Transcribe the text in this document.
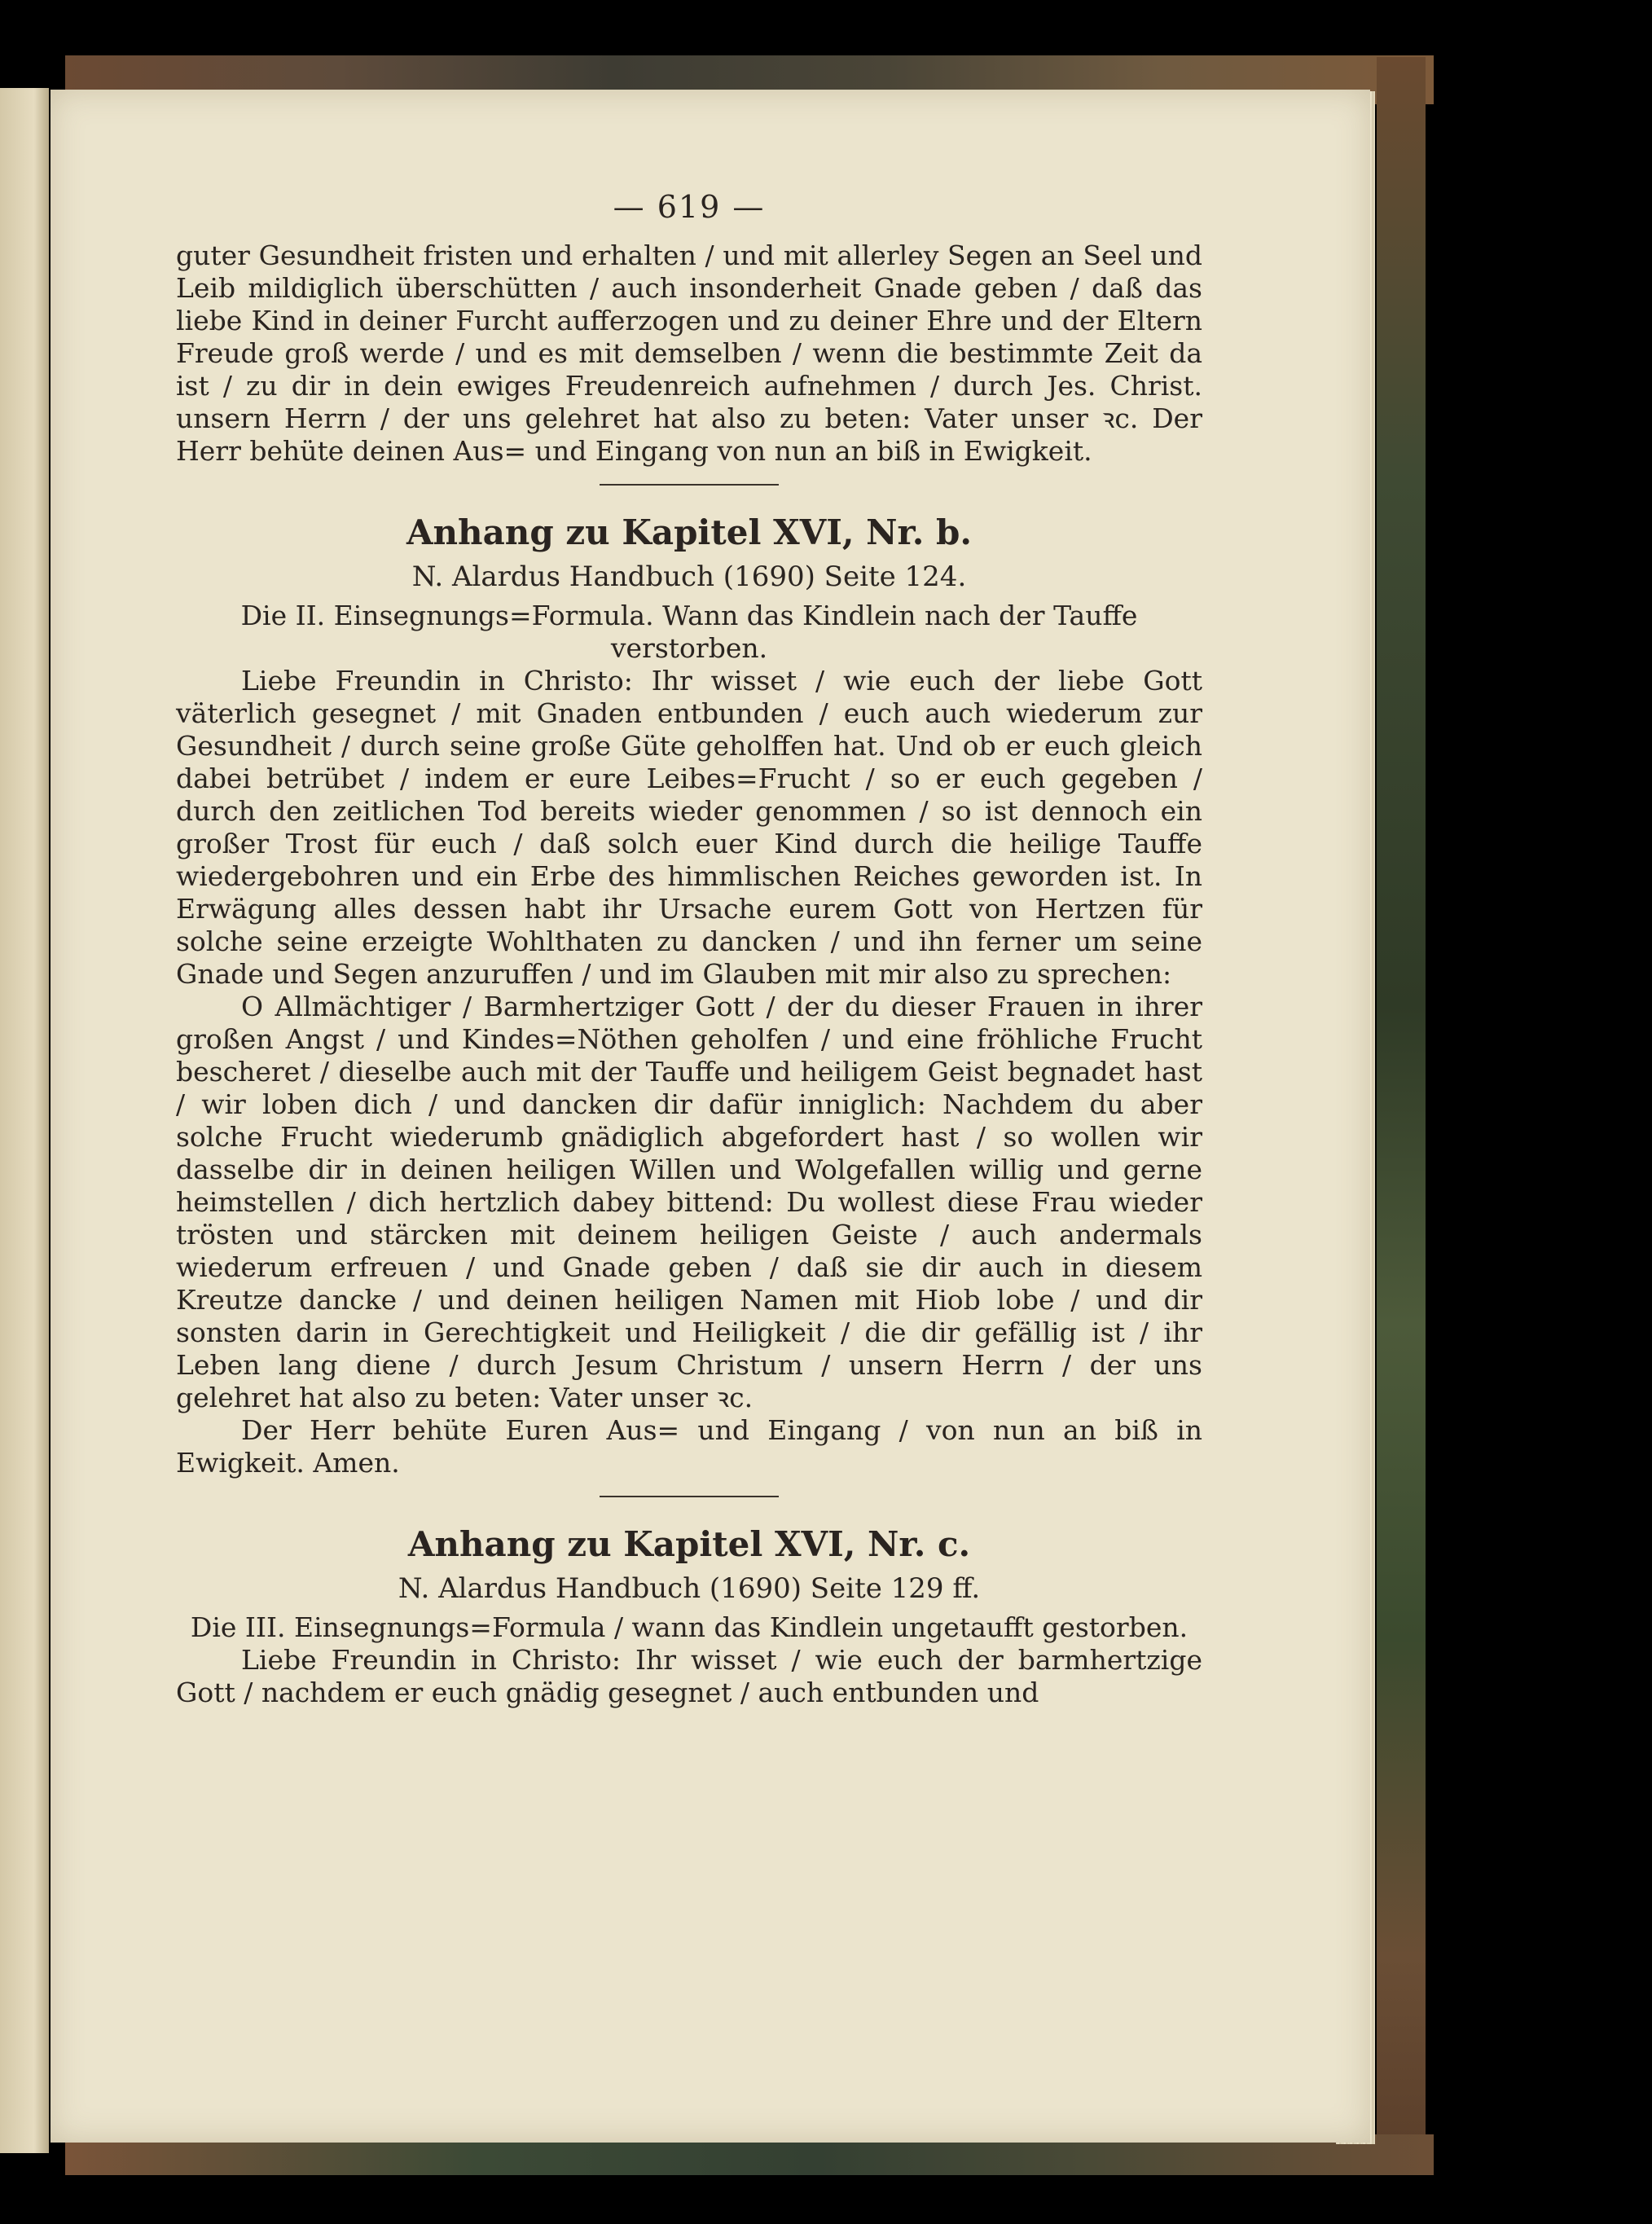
— 619 —

guter Gesundheit fristen und erhalten / und mit allerley Segen an Seel und Leib mildiglich überschütten / auch insonderheit Gnade geben / daß das liebe Kind in deiner Furcht aufferzogen und zu deiner Ehre und der Eltern Freude groß werde / und es mit demselben / wenn die bestimmte Zeit da ist / zu dir in dein ewiges Freudenreich aufnehmen / durch Jes. Christ. unsern Herrn / der uns gelehret hat also zu beten: Vater unser ꝛc. Der Herr behüte deinen Aus= und Eingang von nun an biß in Ewigkeit.

Anhang zu Kapitel XVI, Nr. b.
N. Alardus Handbuch (1690) Seite 124.
Die II. Einsegnungs=Formula. Wann das Kindlein nach der Tauffe verstorben.

Liebe Freundin in Christo: Ihr wisset / wie euch der liebe Gott väterlich gesegnet / mit Gnaden entbunden / euch auch wiederum zur Gesundheit / durch seine große Güte geholffen hat. Und ob er euch gleich dabei betrübet / indem er eure Leibes=Frucht / so er euch gegeben / durch den zeitlichen Tod bereits wieder genommen / so ist dennoch ein großer Trost für euch / daß solch euer Kind durch die heilige Tauffe wiedergebohren und ein Erbe des himmlischen Reiches geworden ist. In Erwägung alles dessen habt ihr Ursache eurem Gott von Hertzen für solche seine erzeigte Wohlthaten zu dancken / und ihn ferner um seine Gnade und Segen anzuruffen / und im Glauben mit mir also zu sprechen:

O Allmächtiger / Barmhertziger Gott / der du dieser Frauen in ihrer großen Angst / und Kindes=Nöthen geholfen / und eine fröhliche Frucht bescheret / dieselbe auch mit der Tauffe und heiligem Geist begnadet hast / wir loben dich / und dancken dir dafür inniglich: Nachdem du aber solche Frucht wiederumb gnädiglich abgefordert hast / so wollen wir dasselbe dir in deinen heiligen Willen und Wolgefallen willig und gerne heimstellen / dich hertzlich dabey bittend: Du wollest diese Frau wieder trösten und stärcken mit deinem heiligen Geiste / auch andermals wiederum erfreuen / und Gnade geben / daß sie dir auch in diesem Kreutze dancke / und deinen heiligen Namen mit Hiob lobe / und dir sonsten darin in Gerechtigkeit und Heiligkeit / die dir gefällig ist / ihr Leben lang diene / durch Jesum Christum / unsern Herrn / der uns gelehret hat also zu beten: Vater unser ꝛc.

Der Herr behüte Euren Aus= und Eingang / von nun an biß in Ewigkeit. Amen.

Anhang zu Kapitel XVI, Nr. c.
N. Alardus Handbuch (1690) Seite 129 ff.
Die III. Einsegnungs=Formula / wann das Kindlein ungetaufft gestorben.

Liebe Freundin in Christo: Ihr wisset / wie euch der barmhertzige Gott / nachdem er euch gnädig gesegnet / auch entbunden und
